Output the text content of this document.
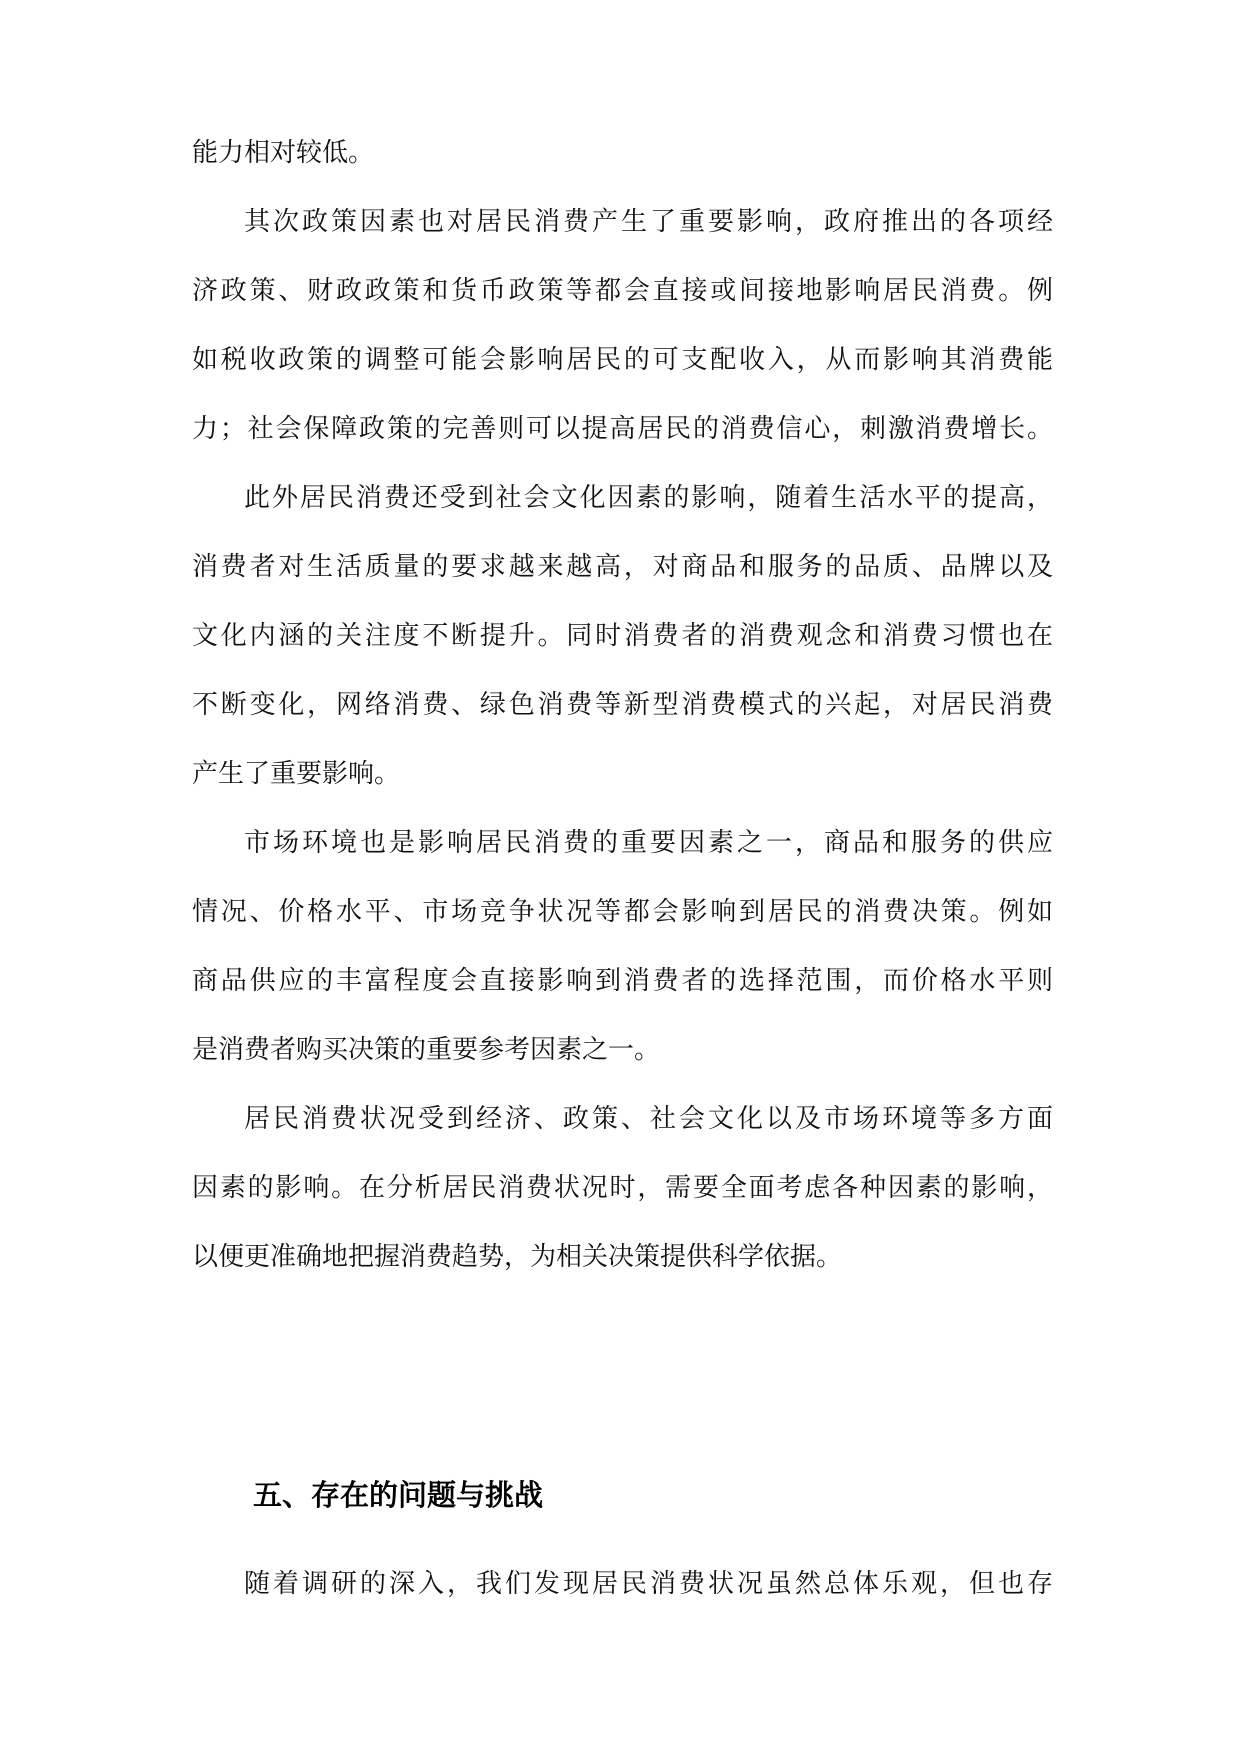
能力相对较低。

其次政策因素也对居民消费产生了重要影响，政府推出的各项经

济政策、财政政策和货币政策等都会直接或间接地影响居民消费。例

如税收政策的调整可能会影响居民的可支配收入，从而影响其消费能

力；社会保障政策的完善则可以提高居民的消费信心，刺激消费增长。

此外居民消费还受到社会文化因素的影响，随着生活水平的提高，

消费者对生活质量的要求越来越高，对商品和服务的品质、品牌以及

文化内涵的关注度不断提升。同时消费者的消费观念和消费习惯也在

不断变化，网络消费、绿色消费等新型消费模式的兴起，对居民消费

产生了重要影响。

市场环境也是影响居民消费的重要因素之一，商品和服务的供应

情况、价格水平、市场竞争状况等都会影响到居民的消费决策。例如

商品供应的丰富程度会直接影响到消费者的选择范围，而价格水平则

是消费者购买决策的重要参考因素之一。

居民消费状况受到经济、政策、社会文化以及市场环境等多方面

因素的影响。在分析居民消费状况时，需要全面考虑各种因素的影响，

以便更准确地把握消费趋势，为相关决策提供科学依据。

五、存在的问题与挑战

随着调研的深入，我们发现居民消费状况虽然总体乐观，但也存
